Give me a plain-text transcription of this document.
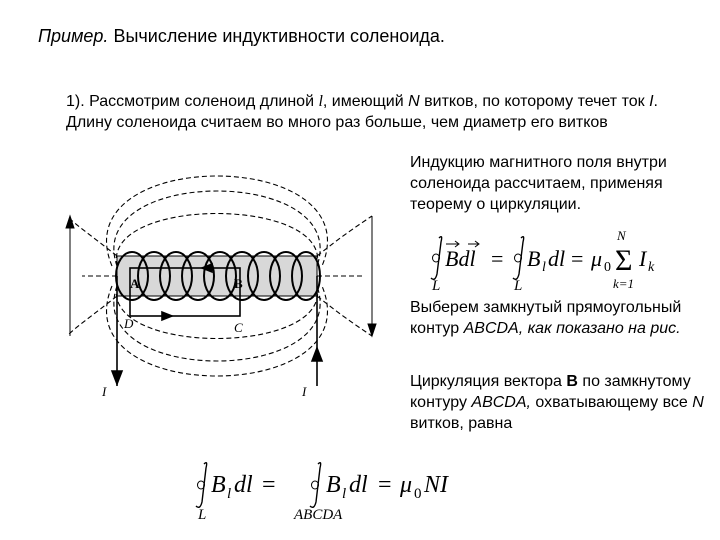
Пример. Вычисление индуктивности соленоида.
1). Рассмотрим соленоид длиной l, имеющий N витков, по которому течет ток I. Длину соленоида считаем во много раз больше, чем диаметр его витков
Индукцию магнитного поля внутри соленоида рассчитаем, применяя теорему о циркуляции.
Bdl
L
= B l dl
L
= μ 0
N
Σ
k=1
I k
Выберем замкнутый прямоугольный контур ABCDA, как показано на рис.
Циркуляция вектора B по замкнутому контуру ABCDA, охватывающему все N витков, равна
B l dl
L
= B l dl
ABCDA
= μ 0 NI
A	B
C
D
I	I
